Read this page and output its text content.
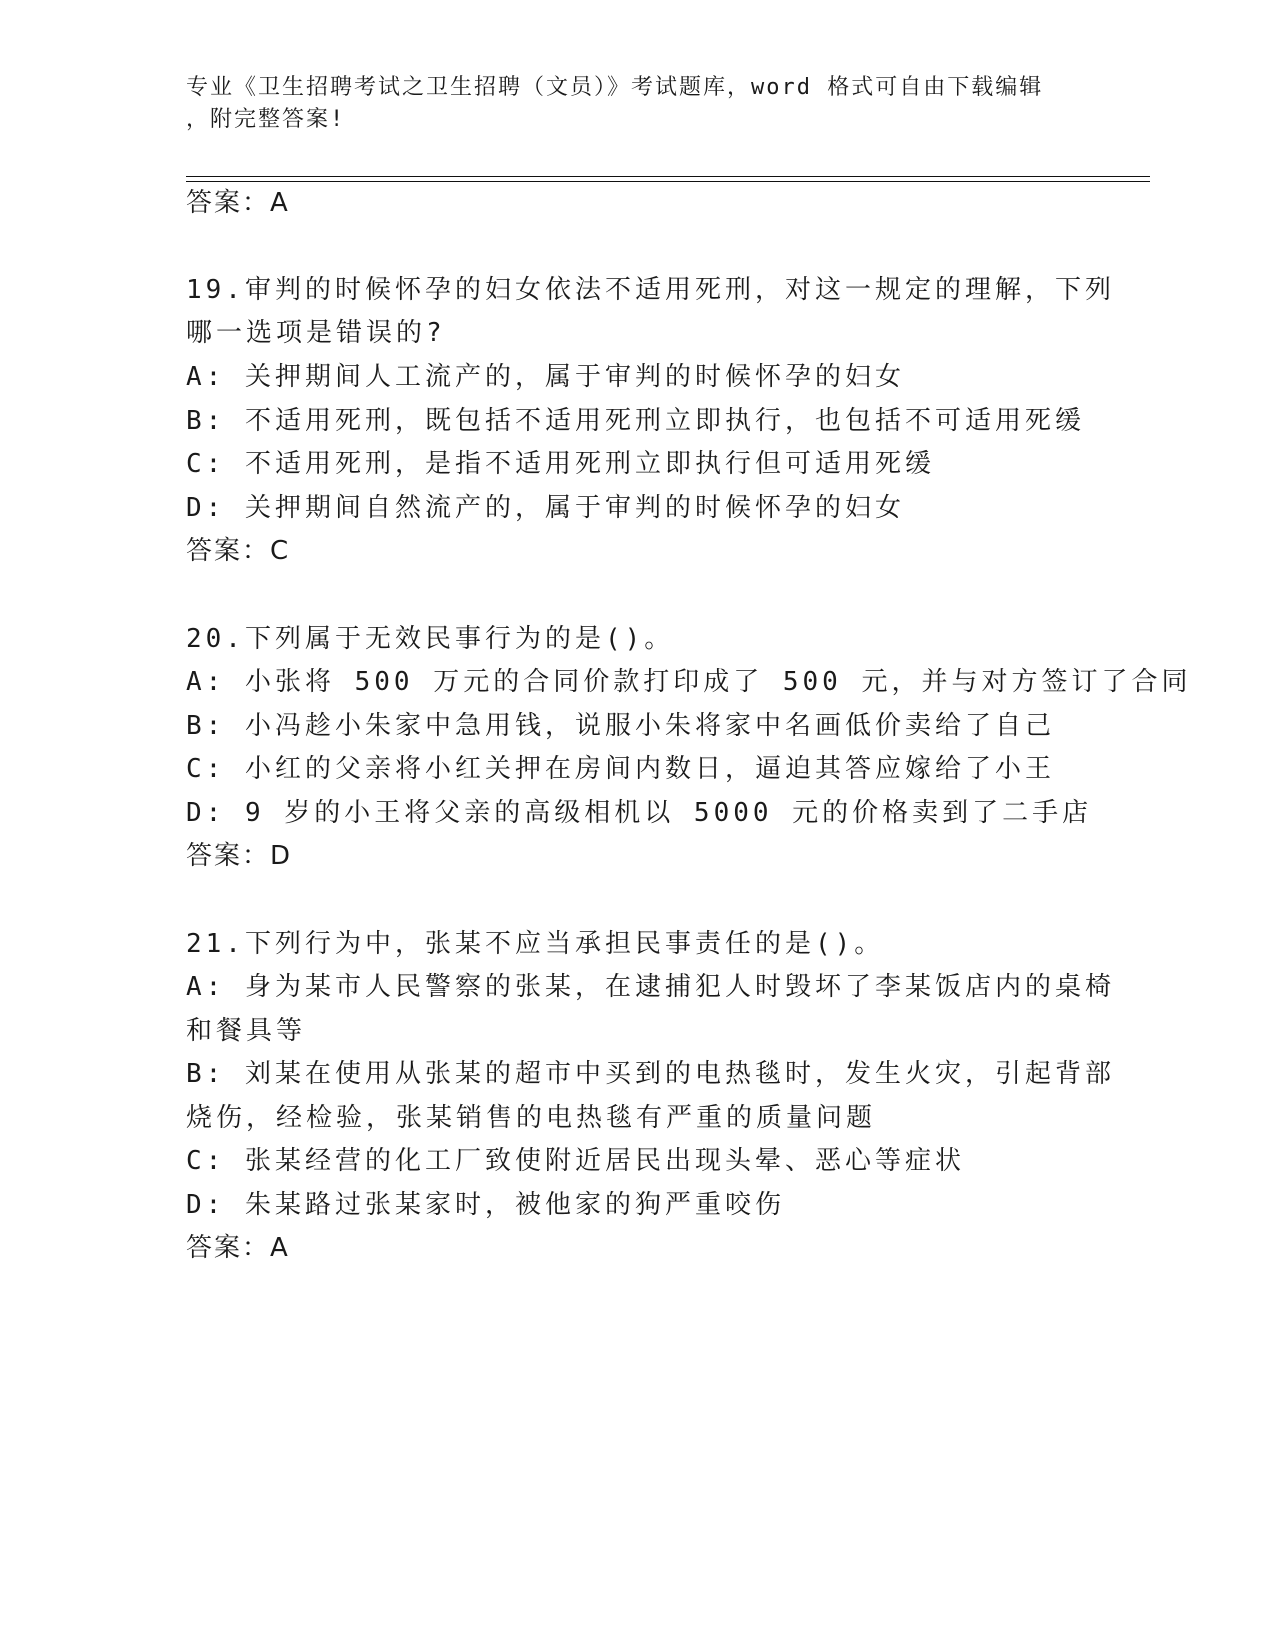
专业《卫生招聘考试之卫生招聘（文员）》考试题库，word 格式可自由下载编辑
，附完整答案!
答案：A
19.审判的时候怀孕的妇女依法不适用死刑，对这一规定的理解，下列
哪一选项是错误的?
A: 关押期间人工流产的，属于审判的时候怀孕的妇女
B: 不适用死刑，既包括不适用死刑立即执行，也包括不可适用死缓
C: 不适用死刑，是指不适用死刑立即执行但可适用死缓
D: 关押期间自然流产的，属于审判的时候怀孕的妇女
答案：C
20.下列属于无效民事行为的是()。
A: 小张将 500 万元的合同价款打印成了 500 元，并与对方签订了合同
B: 小冯趁小朱家中急用钱，说服小朱将家中名画低价卖给了自己
C: 小红的父亲将小红关押在房间内数日，逼迫其答应嫁给了小王
D: 9 岁的小王将父亲的高级相机以 5000 元的价格卖到了二手店
答案：D
21.下列行为中，张某不应当承担民事责任的是()。
A: 身为某市人民警察的张某，在逮捕犯人时毁坏了李某饭店内的桌椅
和餐具等
B: 刘某在使用从张某的超市中买到的电热毯时，发生火灾，引起背部
烧伤，经检验，张某销售的电热毯有严重的质量问题
C: 张某经营的化工厂致使附近居民出现头晕、恶心等症状
D: 朱某路过张某家时，被他家的狗严重咬伤
答案：A
